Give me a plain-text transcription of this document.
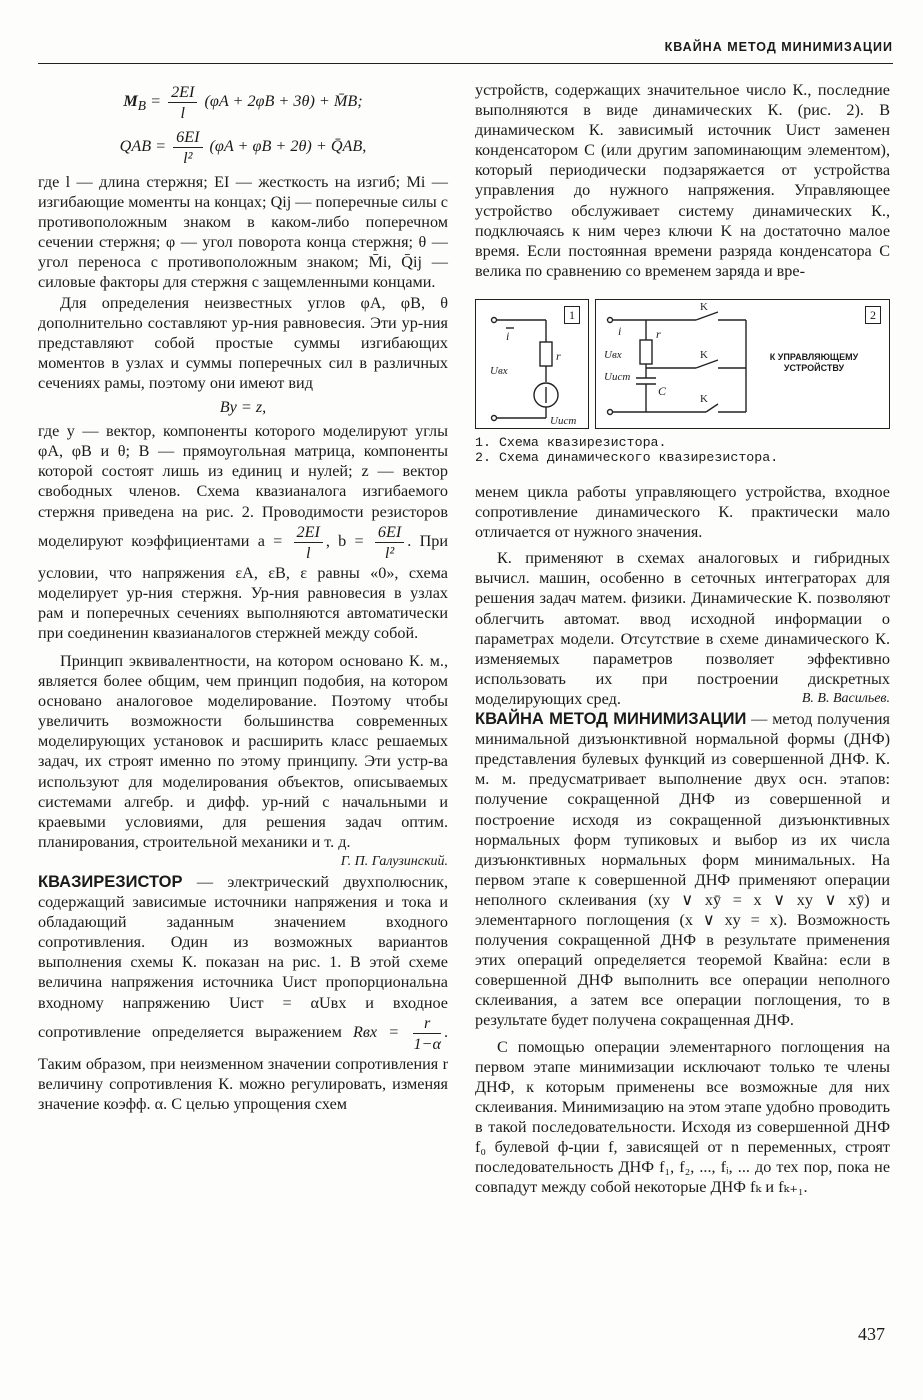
КВАЙНА МЕТОД МИНИМИЗАЦИИ
$M_B = \frac{2EI}{l} (\varphi A + 2\varphi B + 3\theta)$ + M̄B;
QAB = $\frac{6EI}{\text{l²}} (\varphi A + \varphi B + 2\theta)$ + Q̄AB,

где l — длина стержня; EI — жесткость на изгиб; Mi — изгибающие моменты на концах; Qij — поперечные силы с противоположным знаком в каком-либо поперечном сечении стержня; φ — угол поворота конца стержня; θ — угол переноса с противоположным знаком; M̄i, Q̄ij — силовые факторы для стержня с защемленными концами.

Для определения неизвестных углов φA, φB, θ дополнительно составляют ур-ния равновесия. Эти ур-ния представляют собой простые суммы изгибающих моментов в узлах и суммы поперечных сил в различных сечениях рамы, поэтому они имеют вид

By = z,

где y — вектор, компоненты которого моделируют углы φA, φB и θ; B — прямоугольная матрица, компоненты которой состоят лишь из единиц и нулей; z — вектор свободных членов. Схема квазианалога изгибаемого стержня приведена на рис. 2. Проводимости резисторов моделируют коэффициентами $a = \frac{2EI}{l}$ , $b = \frac{6EI}{\text{l²}}$ . При условии, что напряжения εA, εB, ε равны «0», схема моделирует ур-ния стержня. Ур-ния равновесия в узлах рам и поперечных сечениях выполняются автоматически при соединенин квазианалогов стержней между собой.

Принцип эквивалентности, на котором основано К. м., является более общим, чем принцип подобия, на котором основано аналоговое моделирование. Поэтому чтобы увеличить возможности большинства современных моделирующих установок и расширить класс решаемых задач, их строят именно по этому принципу. Эти устр-ва используют для моделирования объектов, описываемых системами алгебр. и дифф. ур-ний с начальными и краевыми условиями, для решения задач оптим. планирования, строительной механики и т. д.

Г. П. Галузинский.

КВАЗИРЕЗИСТОР — электрический двухполюсник, содержащий зависимые источники напряжения и тока и обладающий заданным значением входного сопротивления. Один из возможных вариантов выполнения схемы К. показан на рис. 1. В этой схеме величина напряжения источника Uист пропорциональна входному напряжению Uист = αUвх и входное сопротивление определяется выражением Rвх = $\frac{r}{1-\alpha}$ . Таким образом, при неизменном значении сопротивления r величину сопротивления К. можно регулировать, изменяя значение коэфф. α. С целью упрощения схем

устройств, содержащих значительное число К., последние выполняются в виде динамических К. (рис. 2). В динамическом К. зависимый источник Uист заменен конденсатором C (или другим запоминающим элементом), который периодически подзаряжается от устройства управления до нужного напряжения. Управляющее устройство обслуживает систему динамических К., подключаясь к ним через ключи K на достаточно малое время. Если постоянная времени разряда конденсатора C велика по сравнению со временем заряда и вре-

i
r
Uвх
Uист
1
i	r
Uвх
Uист
C
K
K
K
К УПРАВЛЯЮЩЕМУ УСТРОЙСТВУ
2
1. Схема квазирезистора.
2. Схема динамического квазирезистора.

менем цикла работы управляющего устройства, входное сопротивление динамического К. практически мало отличается от нужного значения.

К. применяют в схемах аналоговых и гибридных вычисл. машин, особенно в сеточных интеграторах для решения задач матем. физики. Динамические К. позволяют облегчить автомат. ввод исходной информации о параметрах модели. Отсутствие в схеме динамического К. изменяемых параметров позволяет эффективно использовать их при построении дискретных моделирующих сред.	В. В. Васильев.

КВАЙНА МЕТОД МИНИМИЗАЦИИ — метод получения минимальной дизъюнктивной нормальной формы (ДНФ) представления булевых функций из совершенной ДНФ. К. м. м. предусматривает выполнение двух осн. этапов: получение сокращенной ДНФ из совершенной и построение исходя из сокращенной дизъюнктивных нормальных форм тупиковых и выбор из их числа дизъюнктивных нормальных форм минимальных. На первом этапе к совершенной ДНФ применяют операции неполного склеивания (xy ∨ xȳ = x ∨ xy ∨ xȳ) и элементарного поглощения (x ∨ xy = x). Возможность получения сокращенной ДНФ в результате применения этих операций определяется теоремой Квайна: если в совершенной ДНФ выполнить все операции неполного склеивания, а затем все операции поглощения, то в результате будет получена сокращенная ДНФ.

С помощью операции элементарного поглощения на первом этапе минимизации исключают только те члены ДНФ, к которым применены все возможные для них склеивания. Минимизацию на этом этапе удобно проводить в такой последовательности. Исходя из совершенной ДНФ f₀ булевой ф-ции f, зависящей от n переменных, строят последовательность ДНФ f₁, f₂, ..., fᵢ, ... до тех пор, пока не совпадут между собой некоторые ДНФ fₖ и fₖ₊₁.

437
